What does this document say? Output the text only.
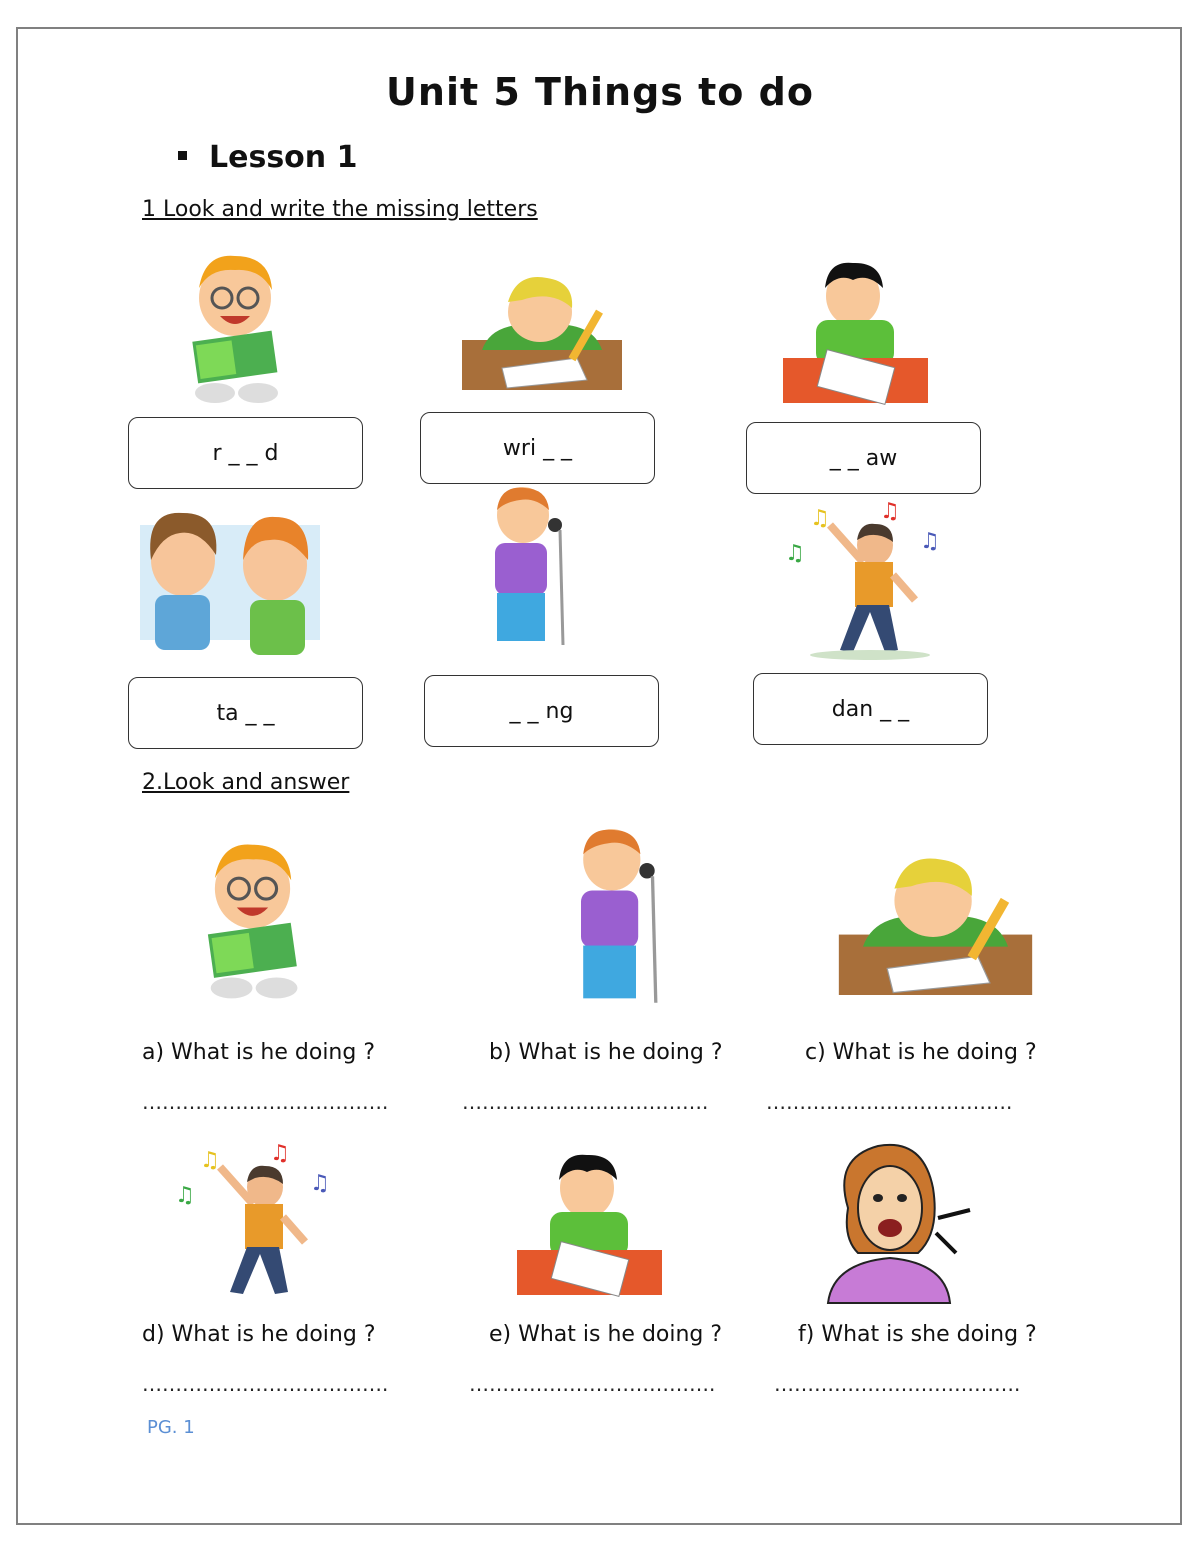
Unit 5 Things to do
Lesson 1
1 Look and write the missing letters
♫ ♫
♫	♫
r _ _ d	wri _ _	_ _ aw
ta _ _	_ _ ng	dan _ _
2.Look and answer
a) What is he doing ?	b) What is he doing ?	c) What is he doing ?
……………………………….	……………………………….	……………………………….
♫ ♫
♫	♫
d) What is he doing ?	e) What is he doing ?	f) What is she doing ?
……………………………….	……………………………….	……………………………….
PG. 1
